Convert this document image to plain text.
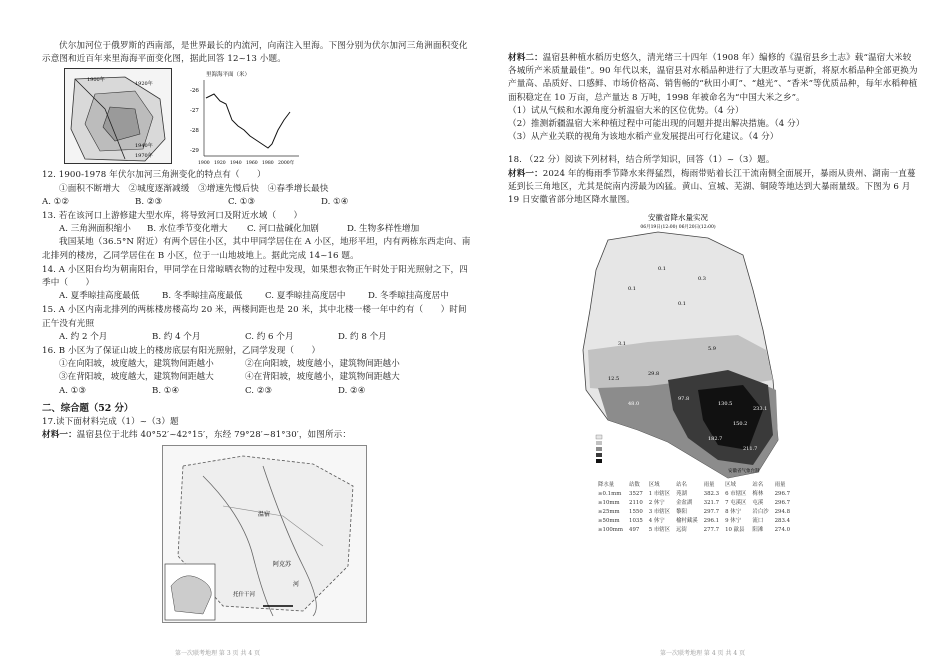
伏尔加河位于俄罗斯的西南部，是世界最长的内流河，向南注入里海。下图分别为伏尔加河三角洲面积变化示意图和近百年来里海海平面变化图，据此回答 12~13 小题。

1900年
1920年
1940年
1970年
里海海平面（米）
-26
-27
-28
-29
1900 1920 1940 1960 1980 2000年

12. 1900-1978 年伏尔加河三角洲变化的特点有（　　）

①面积不断增大　②城度逐渐减缓　③增速先慢后快　④春季增长最快

A. ①②	B. ②③	C. ①③	D. ①④

13. 若在该河口上游修建大型水库，将导致河口及附近水域（　　）

A. 三角洲面积缩小	B. 水位季节变化增大	C. 河口盐碱化加剧	D. 生物多样性增加

我国某地（36.5°N 附近）有两个居住小区，其中甲同学居住在 A 小区，地形平坦，内有两栋东西走向、南北排列的楼房，乙同学居住在 B 小区，位于一山地坡地上。据此完成 14~16 题。

14. A 小区阳台均为朝南阳台，甲同学在日常晾晒衣物的过程中发现，如果想衣物正午时处于阳光照射之下，四季中（　　）

A. 夏季晾挂高度最低	B. 冬季晾挂高度最低	C. 夏季晾挂高度居中	D. 冬季晾挂高度居中

15. A 小区内南北排列的两栋楼房楼高均 20 米，两楼间距也是 20 米，其中北楼一楼一年中约有（　　）时间正午没有光照

A. 约 2 个月	B. 约 4 个月	C. 约 6 个月	D. 约 8 个月

16. B 小区为了保证山坡上的楼房底层有阳光照射，乙同学发现（　　）

①在向阳坡，坡度越大，建筑物间距越小	②在向阳坡，坡度越小，建筑物间距越小
③在背阳坡，坡度越大，建筑物间距越大	④在背阳坡，坡度越小，建筑物间距越大
A. ①③	B. ①④	C. ②③	D. ②④
二、综合题（52 分）

17.读下面材料完成（1）~（3）题

材料一：温宿县位于北纬 40°52′~42°15′，东经 79°28′~81°30′，如图所示：

温宿
阿克苏
河
托什干河
第一次联考地理 第 3 页 共 4 页

材料二：温宿县种植水稻历史悠久，清光绪三十四年（1908 年）编修的《温宿县乡土志》载“温宿大米较各城所产米质量最佳”。90 年代以来，温宿县对水稻品种进行了大胆改革与更新，将原水稻品种全部更换为产量高、品质好、口感鲜、市场价格高、销售畅的“秋田小町”、“越光”、“香米”等优质品种，每年水稻种植面积稳定在 10 万亩，总产量达 8 万吨，1998 年被命名为“中国大米之乡”。

（1）试从气候和水源角度分析温宿大米的区位优势。（4 分）

（2）推测新疆温宿大米种植过程中可能出现的问题并提出解决措施。（4 分）

（3）从产业关联的视角为该地水稻产业发展提出可行化建议。（4 分）

18. （22 分）阅读下列材料，结合所学知识，回答（1）~（3）题。

材料一：2024 年的梅雨季节降水来得猛烈，梅雨带贴着长江干流南侧全面展开，暴雨从贵州、湖南一直蔓延到长三角地区，尤其是皖南内涝最为凶猛。黄山、宣城、芜湖、铜陵等地达到大暴雨量级。下图为 6 月 19 日安徽省部分地区降水量图。

安徽省降水量实况
06月19日(12:00) 06月20日(12:00)
0.1
0.1
0.3
0.1
3.1
5.9
12.5
29.8
48.0
97.8
130.5
150.2
182.7
211.7
233.1
安徽省气象台制
降水量	站数	区域	站名	雨量	区域	站名	雨量
≥0.1mm	3527	1 市辖区	苑湖	382.3	6 市辖区	梅林	296.7
≥10mm	2110	2 休宁	金盆湖	321.7	7 屯溪区	屯溪	296.7
≥25mm	1550	3 市辖区	黎阳	297.7	8 休宁	岩白沙	294.8
≥50mm	1035	4 休宁	榆村藏溪	296.1	9 休宁	流口	283.4
≥100mm	497	5 市辖区	远街	277.7	10 歙县	阳滩	274.0
第一次联考地理 第 4 页 共 4 页
